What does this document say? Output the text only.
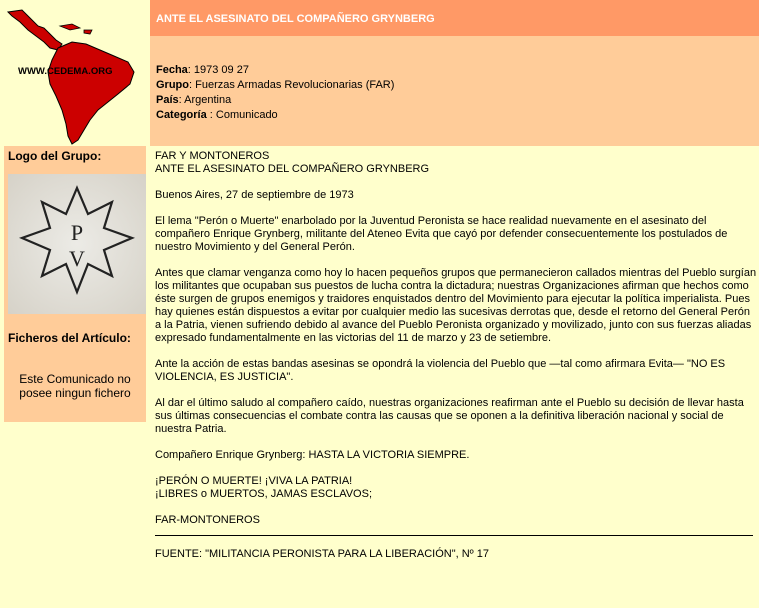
WWW.CEDEMA.ORG
ANTE EL ASESINATO DEL COMPAÑERO GRYNBERG
Fecha: 1973 09 27
Grupo: Fuerzas Armadas Revolucionarias (FAR)
País: Argentina
Categoría : Comunicado
Logo del Grupo:
P
V
Ficheros del Artículo:
Este Comunicado no posee ningun fichero

FAR Y MONTONEROS

ANTE EL ASESINATO DEL COMPAÑERO GRYNBERG

Buenos Aires, 27 de septiembre de 1973

El lema "Perón o Muerte" enarbolado por la Juventud Peronista se hace realidad nuevamente en el asesinato del compañero Enrique Grynberg, militante del Ateneo Evita que cayó por defender consecuentemente los postulados de nuestro Movimiento y del General Perón.

Antes que clamar venganza como hoy lo hacen pequeños grupos que permanecieron callados mientras del Pueblo surgían los militantes que ocupaban sus puestos de lucha contra la dictadura; nuestras Organizaciones afirman que hechos como éste surgen de grupos enemigos y traidores enquistados dentro del Movimiento para ejecutar la política imperialista. Pues hay quienes están dispuestos a evitar por cualquier medio las sucesivas derrotas que, desde el retorno del General Perón a la Patria, vienen sufriendo debido al avance del Pueblo Peronista organizado y movilizado, junto con sus fuerzas aliadas expresado fundamentalmente en las victorias del 11 de marzo y 23 de setiembre.

Ante la acción de estas bandas asesinas se opondrá la violencia del Pueblo que —tal como afirmara Evita— "NO ES VIOLENCIA, ES JUSTICIA".

Al dar el último saludo al compañero caído, nuestras organizaciones reafirman ante el Pueblo su decisión de llevar hasta sus últimas consecuencias el combate contra las causas que se oponen a la definitiva liberación nacional y social de nuestra Patria.

Compañero Enrique Grynberg: HASTA LA VICTORIA SIEMPRE.

¡PERÓN O MUERTE! ¡VIVA LA PATRIA!

¡LIBRES o MUERTOS, JAMAS ESCLAVOS;

FAR-MONTONEROS

FUENTE: "MILITANCIA PERONISTA PARA LA LIBERACIÓN", Nº 17
